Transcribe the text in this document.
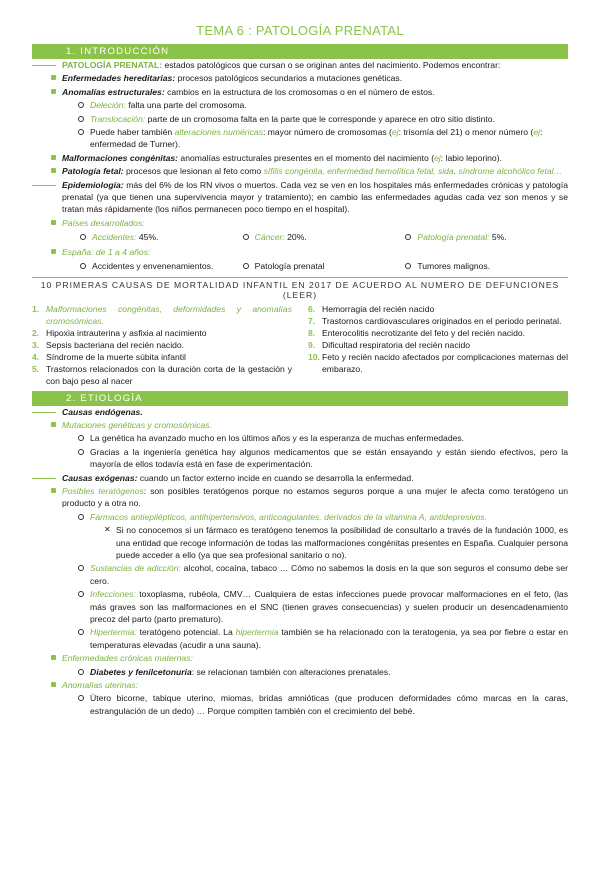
TEMA 6 : PATOLOGÍA PRENATAL
1. INTRODUCCIÓN

PATOLOGÍA PRENATAL: estados patológicos que cursan o se originan antes del nacimiento. Podemos encontrar:

Enfermedades hereditarias: procesos patológicos secundarios a mutaciones genéticas.

Anomalías estructurales: cambios en la estructura de los cromosomas o en el número de estos.

Deleción: falta una parte del cromosoma.

Translocación: parte de un cromosoma falta en la parte que le corresponde y aparece en otro sitio distinto.

Puede haber también alteraciones numéricas: mayor número de cromosomas (ej: trisomía del 21) o menor número (ej: enfermedad de Turner).

Malformaciones congénitas: anomalías estructurales presentes en el momento del nacimiento (ej: labio leporino).

Patología fetal: procesos que lesionan al feto como sífilis congénita, enfermedad hemolítica fetal, sida, síndrome alcohólico fetal…

Epidemiología: más del 6% de los RN vivos o muertos. Cada vez se ven en los hospitales más enfermedades crónicas y patología prenatal (ya que tienen una supervivencia mayor y tratamiento); en cambio las enfermedades agudas cada vez son menos y se tratan más rápidamente (los niños permanecen poco tiempo en el hospital).

Países desarrollados:

Accidentes: 45%.	Cáncer: 20%.	Patología prenatal: 5%.

España: de 1 a 4 años:

Accidentes y envenenamientos.	Patología prenatal	Tumores malignos.
10 PRIMERAS CAUSAS DE MORTALIDAD INFANTIL EN 2017 DE ACUERDO AL NUMERO DE DEFUNCIONES (LEER)
1. Malformaciones congénitas, deformidades y anomalías cromosómicas.
2. Hipoxia intrauterina y asfixia al nacimiento
3. Sepsis bacteriana del recién nacido.
4. Síndrome de la muerte súbita infantil
5. Trastornos relacionados con la duración corta de la gestación y con bajo peso al nacer
6. Hemorragia del recién nacido
7. Trastornos cardiovasculares originados en el periodo perinatal.
8. Enterocolitis necrotizante del feto y del recién nacido.
9. Dificultad respiratoria del recién nacido
10. Feto y recién nacido afectados por complicaciones maternas del embarazo.
2. ETIOLOGÍA

Causas endógenas.

Mutaciones genéticas y cromosómicas.

La genética ha avanzado mucho en los últimos años y es la esperanza de muchas enfermedades.

Gracias a la ingeniería genética hay algunos medicamentos que se están ensayando y están siendo efectivos, pero la mayoría de ellos todavía está en fase de experimentación.

Causas exógenas: cuando un factor externo incide en cuando se desarrolla la enfermedad.

Posibles teratógenos: son posibles teratógenos porque no estamos seguros porque a una mujer le afecta como teratógeno un producto y a otra no.

Fármacos antiepilépticos, antihipertensivos, anticoagulantes, derivados de la vitamina A, antidepresivos.

✕ Si no conocemos si un fármaco es teratógeno tenemos la posibilidad de consultarlo a través de la fundación 1000, es una entidad que recoge información de todas las malformaciones congénitas presentes en España. Cualquier persona puede acceder a ello (ya que sea profesional sanitario o no).

Sustancias de adicción: alcohol, cocaína, tabaco … Cómo no sabemos la dosis en la que son seguros el consumo debe ser cero.

Infecciones: toxoplasma, rubéola, CMV… Cualquiera de estas infecciones puede provocar malformaciones en el feto, (las más graves son las malformaciones en el SNC (tienen graves consecuencias) y suelen producir un desencadenamiento precoz del parto (parto prematuro).

Hipertermia: teratógeno potencial. La hipertermia también se ha relacionado con la teratogenia, ya sea por fiebre o estar en temperaturas elevadas (acudir a una sauna).

Enfermedades crónicas maternas:

Diabetes y fenilcetonuria: se relacionan también con alteraciones prenatales.

Anomalías uterinas:

Útero bicorne, tabique uterino, miomas, bridas amnióticas (que producen deformidades cómo marcas en la caras, estrangulación de un dedo) … Porque compiten también con el crecimiento del bebé.
